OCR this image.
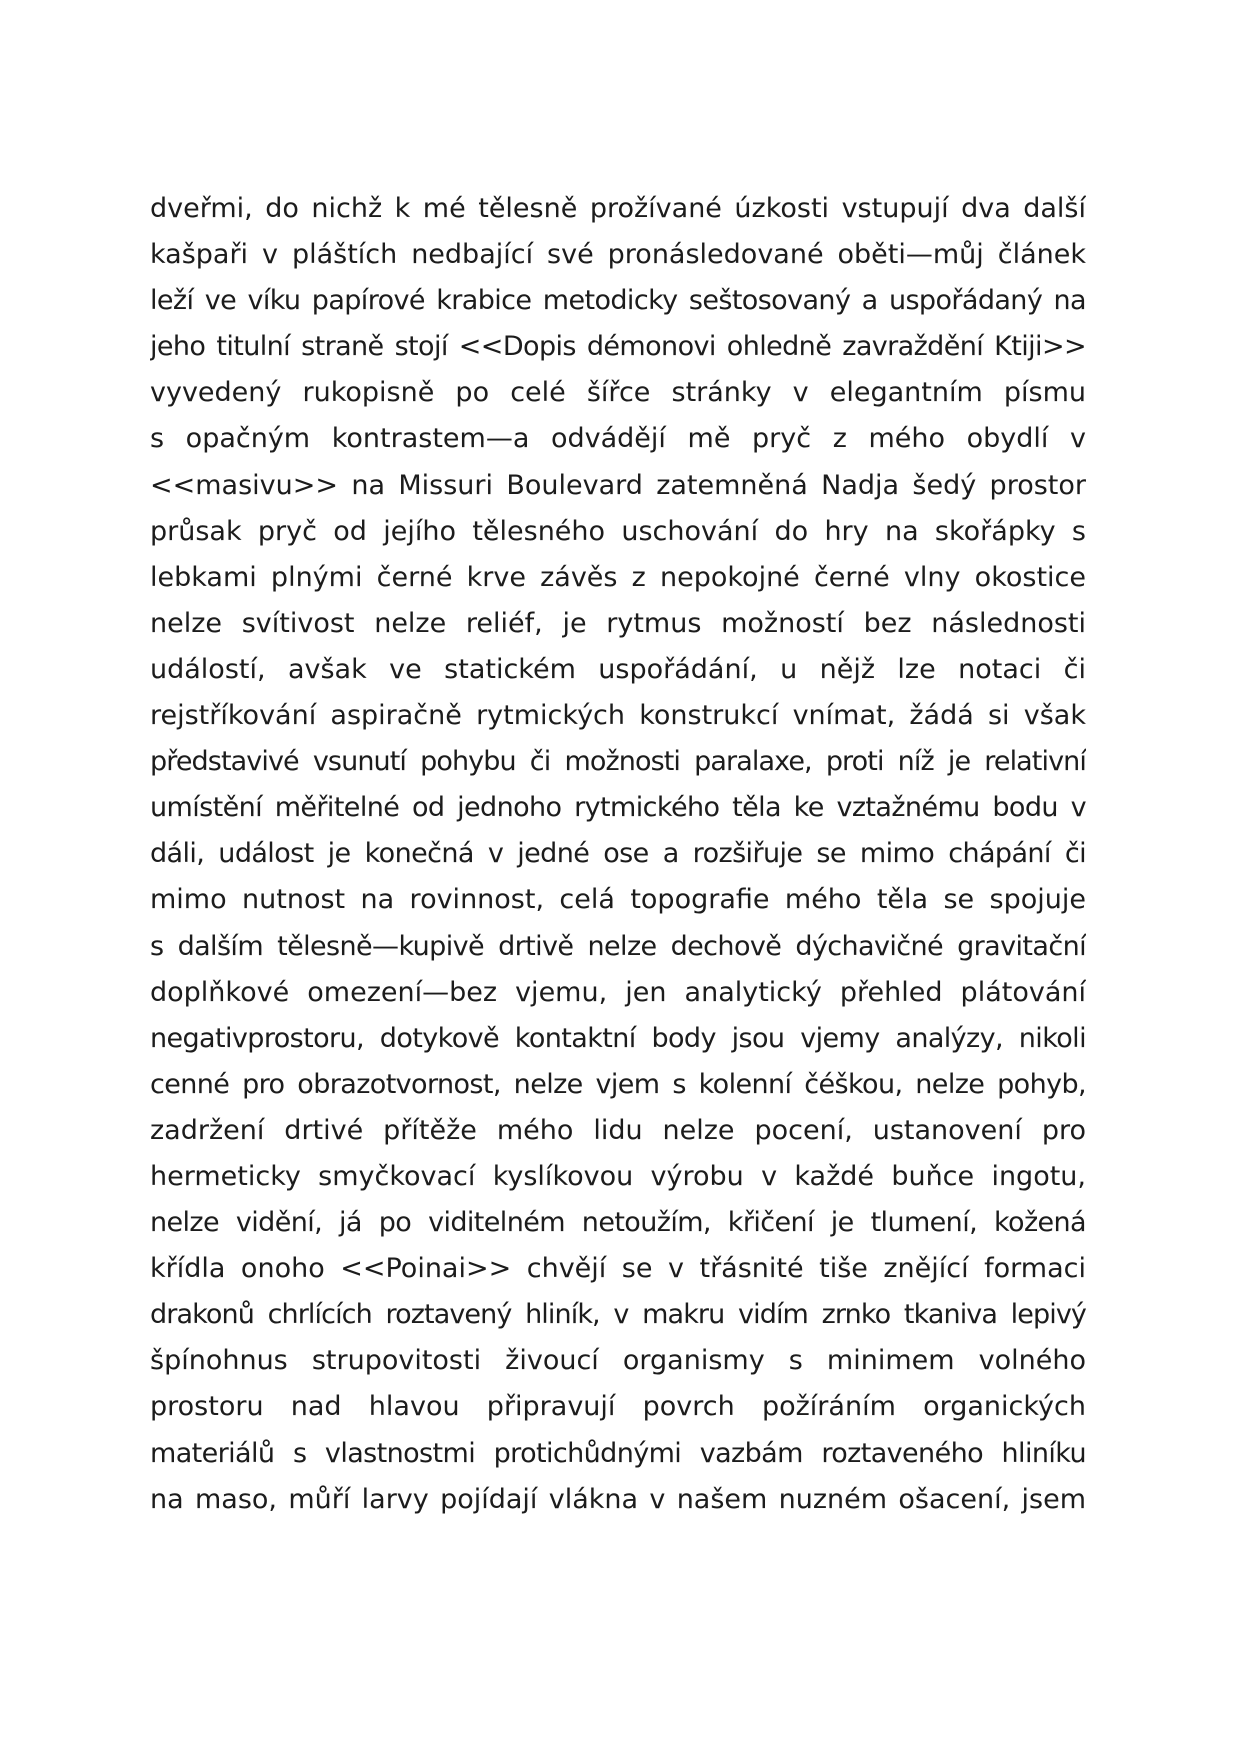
dveřmi, do nichž k mé tělesně prožívané úzkosti vstupují dva další
kašpaři v pláštích nedbající své pronásledované oběti—můj článek
leží ve víku papírové krabice metodicky seštosovaný a uspořádaný na
jeho titulní straně stojí <<Dopis démonovi ohledně zavraždění Ktiji>>
vyvedený rukopisně po celé šířce stránky v elegantním písmu
s opačným kontrastem—a odvádějí mě pryč z mého obydlí v
<<masivu>> na Missuri Boulevard zatemněná Nadja šedý prostor
průsak pryč od jejího tělesného uschování do hry na skořápky s
lebkami plnými černé krve závěs z nepokojné černé vlny okostice
nelze svítivost nelze reliéf, je rytmus možností bez následnosti
událostí, avšak ve statickém uspořádání, u nějž lze notaci či
rejstříkování aspiračně rytmických konstrukcí vnímat, žádá si však
představivé vsunutí pohybu či možnosti paralaxe, proti níž je relativní
umístění měřitelné od jednoho rytmického těla ke vztažnému bodu v
dáli, událost je konečná v jedné ose a rozšiřuje se mimo chápání či
mimo nutnost na rovinnost, celá topografie mého těla se spojuje
s dalším tělesně—kupivě drtivě nelze dechově dýchavičné gravitační
doplňkové omezení—bez vjemu, jen analytický přehled plátování
negativprostoru, dotykově kontaktní body jsou vjemy analýzy, nikoli
cenné pro obrazotvornost, nelze vjem s kolenní čéškou, nelze pohyb,
zadržení drtivé přítěže mého lidu nelze pocení, ustanovení pro
hermeticky smyčkovací kyslíkovou výrobu v každé buňce ingotu,
nelze vidění, já po viditelném netoužím, křičení je tlumení, kožená
křídla onoho <<Poinai>> chvějí se v třásnité tiše znějící formaci
drakonů chrlících roztavený hliník, v makru vidím zrnko tkaniva lepivý
špínohnus strupovitosti živoucí organismy s minimem volného
prostoru nad hlavou připravují povrch požíráním organických
materiálů s vlastnostmi protichůdnými vazbám roztaveného hliníku
na maso, můří larvy pojídají vlákna v našem nuzném ošacení, jsem
